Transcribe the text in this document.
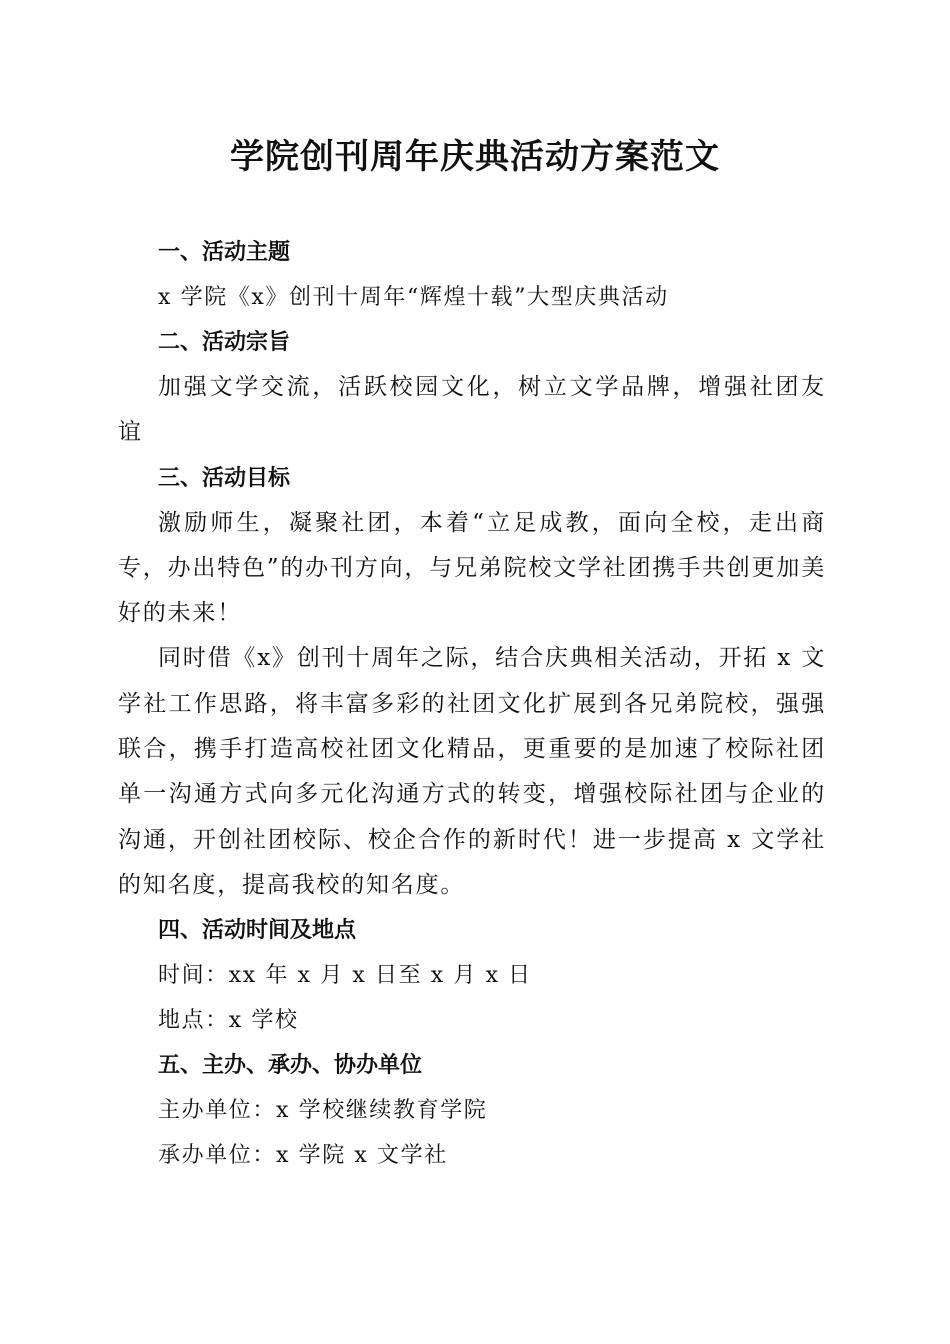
学院创刊周年庆典活动方案范文
一、活动主题
x 学院《x》创刊十周年“辉煌十载”大型庆典活动
二、活动宗旨

加强文学交流，活跃校园文化，树立文学品牌，增强社团友谊

三、活动目标

激励师生，凝聚社团，本着“立足成教，面向全校，走出商专，办出特色”的办刊方向，与兄弟院校文学社团携手共创更加美好的未来！

同时借《x》创刊十周年之际，结合庆典相关活动，开拓 x 文学社工作思路，将丰富多彩的社团文化扩展到各兄弟院校，强强联合，携手打造高校社团文化精品，更重要的是加速了校际社团单一沟通方式向多元化沟通方式的转变，增强校际社团与企业的沟通，开创社团校际、校企合作的新时代！进一步提高 x 文学社的知名度，提高我校的知名度。

四、活动时间及地点
时间：xx 年 x 月 x 日至 x 月 x 日
地点：x 学校
五、主办、承办、协办单位
主办单位：x 学校继续教育学院
承办单位：x 学院 x 文学社
